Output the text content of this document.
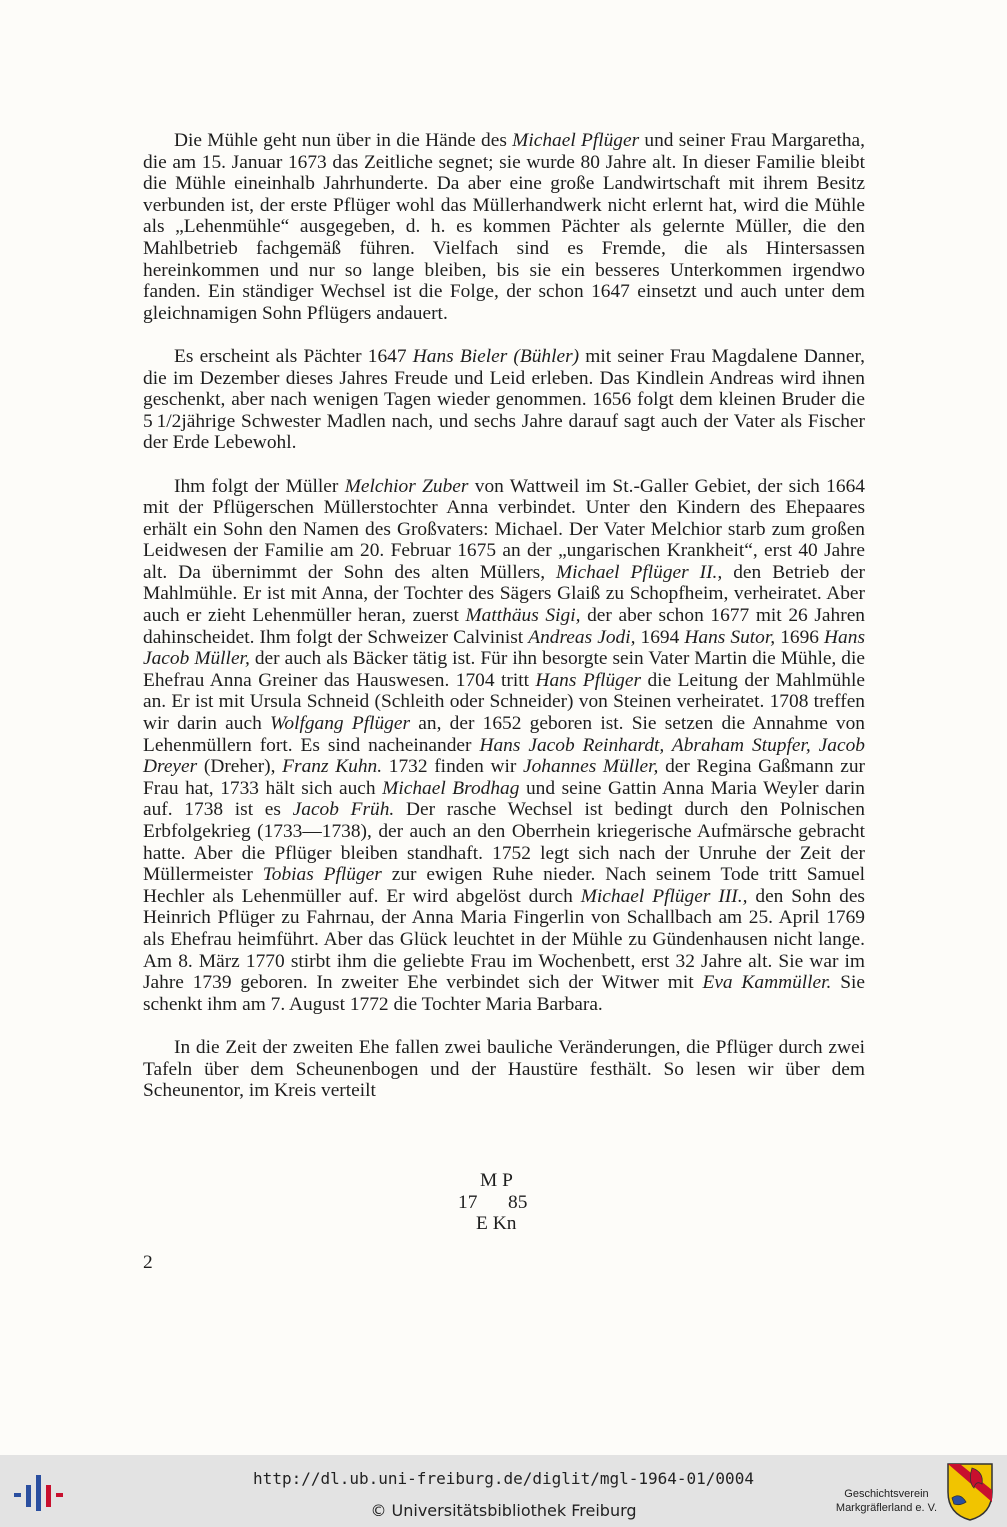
Die Mühle geht nun über in die Hände des Michael Pflüger und seiner Frau Margaretha, die am 15. Januar 1673 das Zeitliche segnet; sie wurde 80 Jahre alt. In dieser Familie bleibt die Mühle eineinhalb Jahrhunderte. Da aber eine große Landwirtschaft mit ihrem Besitz verbunden ist, der erste Pflüger wohl das Müllerhandwerk nicht erlernt hat, wird die Mühle als „Lehenmühle“ ausgegeben, d. h. es kommen Pächter als gelernte Müller, die den Mahlbetrieb fachgemäß führen. Vielfach sind es Fremde, die als Hintersassen hereinkommen und nur so lange bleiben, bis sie ein besseres Unterkommen irgendwo fanden. Ein ständiger Wechsel ist die Folge, der schon 1647 einsetzt und auch unter dem gleichnamigen Sohn Pflügers andauert.

Es erscheint als Pächter 1647 Hans Bieler (Bühler) mit seiner Frau Magdalene Danner, die im Dezember dieses Jahres Freude und Leid erleben. Das Kindlein Andreas wird ihnen geschenkt, aber nach wenigen Tagen wieder genommen. 1656 folgt dem kleinen Bruder die 5 1/2jährige Schwester Madlen nach, und sechs Jahre darauf sagt auch der Vater als Fischer der Erde Lebewohl.

Ihm folgt der Müller Melchior Zuber von Wattweil im St.-Galler Gebiet, der sich 1664 mit der Pflügerschen Müllerstochter Anna verbindet. Unter den Kindern des Ehepaares erhält ein Sohn den Namen des Großvaters: Michael. Der Vater Melchior starb zum großen Leidwesen der Familie am 20. Februar 1675 an der „ungarischen Krankheit“, erst 40 Jahre alt. Da übernimmt der Sohn des alten Müllers, Michael Pflüger II., den Betrieb der Mahlmühle. Er ist mit Anna, der Tochter des Sägers Glaiß zu Schopfheim, verheiratet. Aber auch er zieht Lehenmüller heran, zuerst Matthäus Sigi, der aber schon 1677 mit 26 Jahren dahinscheidet. Ihm folgt der Schweizer Calvinist Andreas Jodi, 1694 Hans Sutor, 1696 Hans Jacob Müller, der auch als Bäcker tätig ist. Für ihn besorgte sein Vater Martin die Mühle, die Ehefrau Anna Greiner das Hauswesen. 1704 tritt Hans Pflüger die Leitung der Mahlmühle an. Er ist mit Ursula Schneid (Schleith oder Schneider) von Steinen verheiratet. 1708 treffen wir darin auch Wolfgang Pflüger an, der 1652 geboren ist. Sie setzen die Annahme von Lehenmüllern fort. Es sind nacheinander Hans Jacob Reinhardt, Abraham Stupfer, Jacob Dreyer (Dreher), Franz Kuhn. 1732 finden wir Johannes Müller, der Regina Gaßmann zur Frau hat, 1733 hält sich auch Michael Brodhag und seine Gattin Anna Maria Weyler darin auf. 1738 ist es Jacob Früh. Der rasche Wechsel ist bedingt durch den Polnischen Erbfolgekrieg (1733—1738), der auch an den Oberrhein kriegerische Aufmärsche gebracht hatte. Aber die Pflüger bleiben standhaft. 1752 legt sich nach der Unruhe der Zeit der Müllermeister Tobias Pflüger zur ewigen Ruhe nieder. Nach seinem Tode tritt Samuel Hechler als Lehenmüller auf. Er wird abgelöst durch Michael Pflüger III., den Sohn des Heinrich Pflüger zu Fahrnau, der Anna Maria Fingerlin von Schallbach am 25. April 1769 als Ehefrau heimführt. Aber das Glück leuchtet in der Mühle zu Gündenhausen nicht lange. Am 8. März 1770 stirbt ihm die geliebte Frau im Wochenbett, erst 32 Jahre alt. Sie war im Jahre 1739 geboren. In zweiter Ehe verbindet sich der Witwer mit Eva Kammüller. Sie schenkt ihm am 7. August 1772 die Tochter Maria Barbara.

In die Zeit der zweiten Ehe fallen zwei bauliche Veränderungen, die Pflüger durch zwei Tafeln über dem Scheunenbogen und der Haustüre festhält. So lesen wir über dem Scheunentor, im Kreis verteilt

M P
17 85
E Kn
2
http://dl.ub.uni-freiburg.de/diglit/mgl-1964-01/0004
© Universitätsbibliothek Freiburg
Geschichtsverein
Markgräflerland e. V.
